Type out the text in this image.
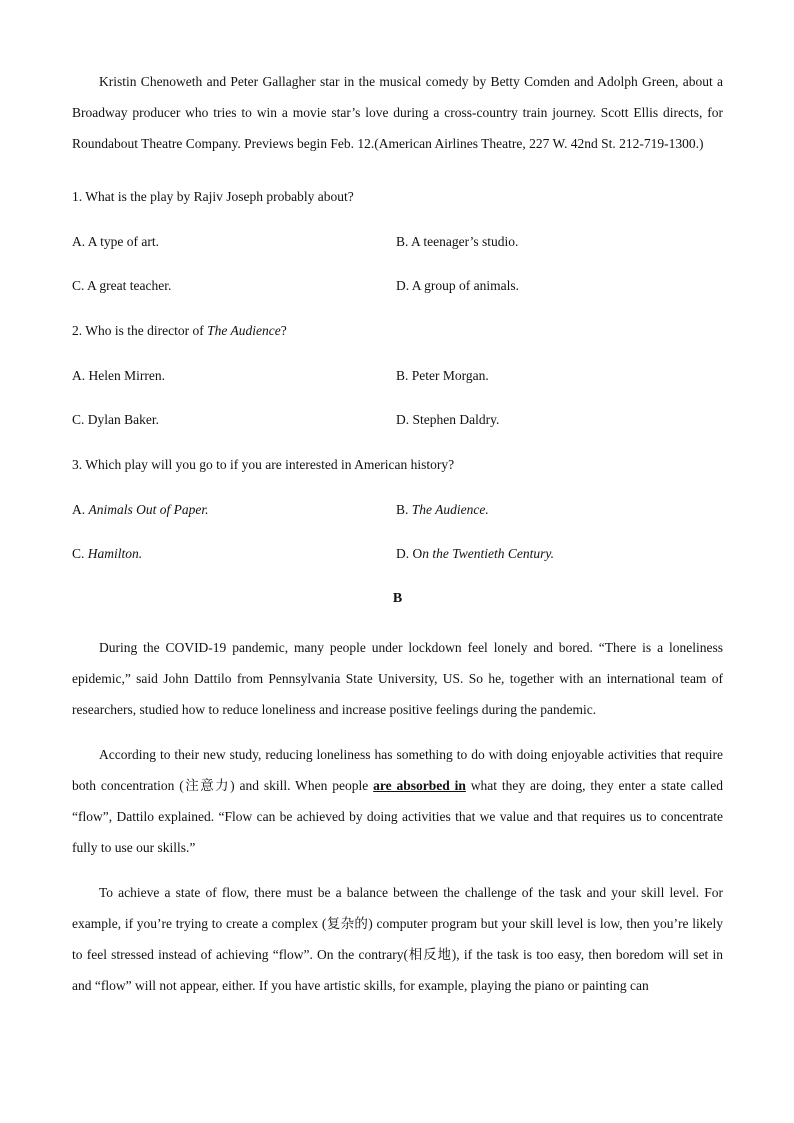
Kristin Chenoweth and Peter Gallagher star in the musical comedy by Betty Comden and Adolph Green, about a Broadway producer who tries to win a movie star’s love during a cross-country train journey. Scott Ellis directs, for Roundabout Theatre Company. Previews begin Feb. 12.(American Airlines Theatre, 227 W. 42nd St. 212-719-1300.)

1. What is the play by Rajiv Joseph probably about?

A. A type of art.	B. A teenager’s studio.
C. A great teacher.	D. A group of animals.

2. Who is the director of The Audience?

A. Helen Mirren.	B. Peter Morgan.
C. Dylan Baker.	D. Stephen Daldry.

3. Which play will you go to if you are interested in American history?

A. Animals Out of Paper.	B. The Audience.
C. Hamilton.	D. On the Twentieth Century.
B

During the COVID-19 pandemic, many people under lockdown feel lonely and bored. “There is a loneliness epidemic,” said John Dattilo from Pennsylvania State University, US. So he, together with an international team of researchers, studied how to reduce loneliness and increase positive feelings during the pandemic.

According to their new study, reducing loneliness has something to do with doing enjoyable activities that require both concentration (注意力) and skill. When people are absorbed in what they are doing, they enter a state called “flow”, Dattilo explained. “Flow can be achieved by doing activities that we value and that requires us to concentrate fully to use our skills.”

To achieve a state of flow, there must be a balance between the challenge of the task and your skill level. For example, if you’re trying to create a complex (复杂的) computer program but your skill level is low, then you’re likely to feel stressed instead of achieving “flow”. On the contrary(相反地), if the task is too easy, then boredom will set in and “flow” will not appear, either. If you have artistic skills, for example, playing the piano or painting can
